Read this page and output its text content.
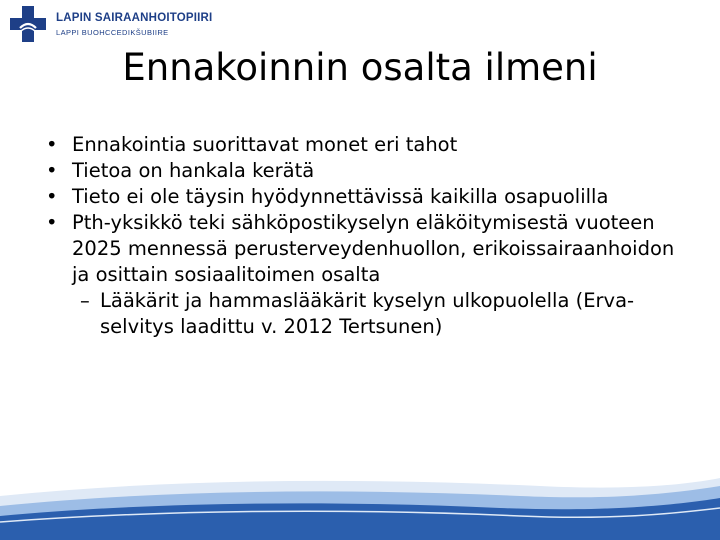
LAPIN SAIRAANHOITOPIIRI
LAPPI BUOHCCEDIKŠUBIIRE
Ennakoinnin osalta ilmeni
• Ennakointia suorittavat monet eri tahot
• Tietoa on hankala kerätä
• Tieto ei ole täysin hyödynnettävissä kaikilla osapuolilla
• Pth-yksikkö teki sähköpostikyselyn eläköitymisestä vuoteen 2025 mennessä perusterveydenhuollon, erikoissairaanhoidon ja osittain sosiaalitoimen osalta
– Lääkärit ja hammaslääkärit kyselyn ulkopuolella (Erva-selvitys laadittu v. 2012 Tertsunen)
